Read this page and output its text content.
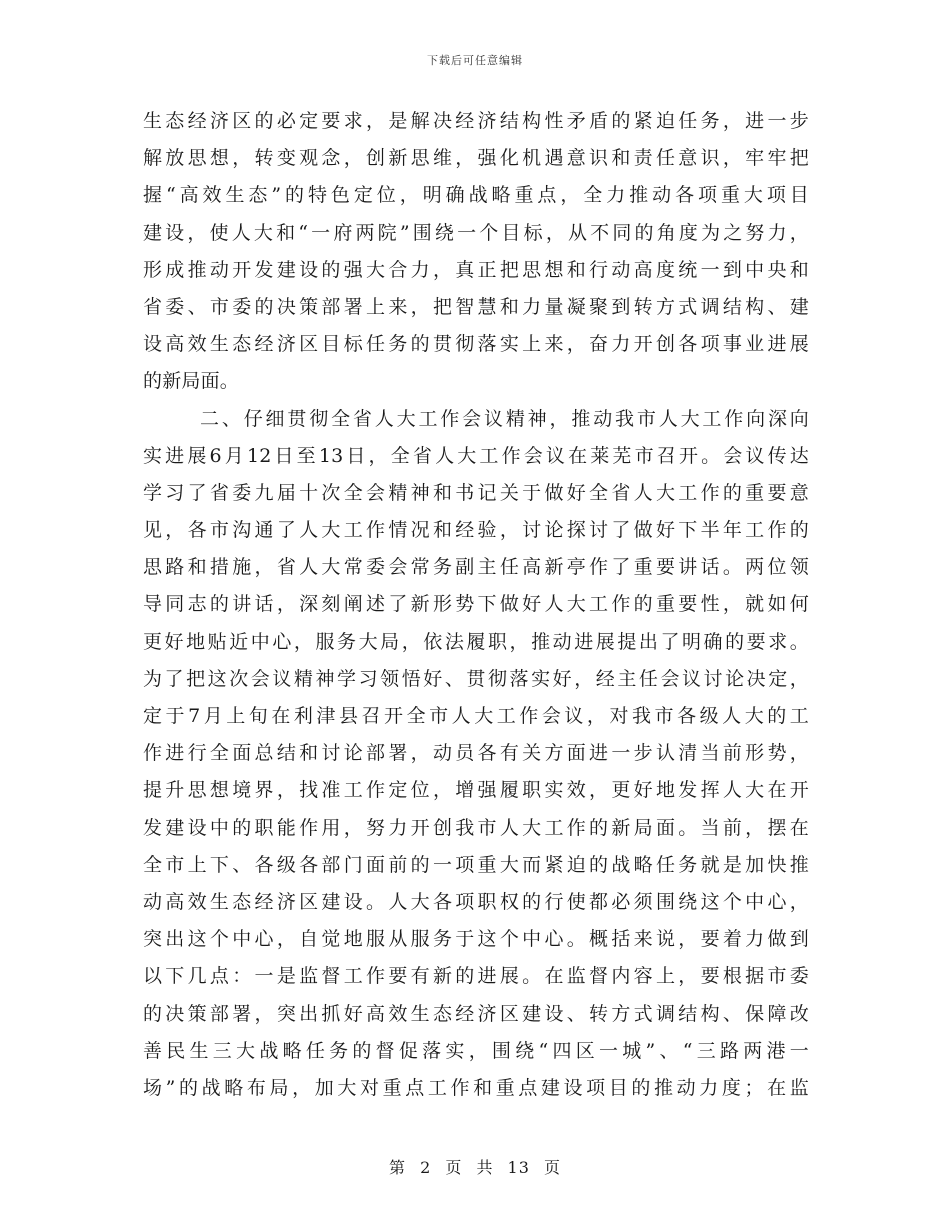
下载后可任意编辑
生态经济区的必定要求，是解决经济结构性矛盾的紧迫任务，进一步
解放思想，转变观念，创新思维，强化机遇意识和责任意识，牢牢把
握“高效生态”的特色定位，明确战略重点，全力推动各项重大项目
建设，使人大和“一府两院”围绕一个目标，从不同的角度为之努力，
形成推动开发建设的强大合力，真正把思想和行动高度统一到中央和
省委、市委的决策部署上来，把智慧和力量凝聚到转方式调结构、建
设高效生态经济区目标任务的贯彻落实上来，奋力开创各项事业进展
的新局面。
二、仔细贯彻全省人大工作会议精神，推动我市人大工作向深向
实进展6月12日至13日，全省人大工作会议在莱芜市召开。会议传达
学习了省委九届十次全会精神和书记关于做好全省人大工作的重要意
见，各市沟通了人大工作情况和经验，讨论探讨了做好下半年工作的
思路和措施，省人大常委会常务副主任高新亭作了重要讲话。两位领
导同志的讲话，深刻阐述了新形势下做好人大工作的重要性，就如何
更好地贴近中心，服务大局，依法履职，推动进展提出了明确的要求。
为了把这次会议精神学习领悟好、贯彻落实好，经主任会议讨论决定，
定于7月上旬在利津县召开全市人大工作会议，对我市各级人大的工
作进行全面总结和讨论部署，动员各有关方面进一步认清当前形势，
提升思想境界，找准工作定位，增强履职实效，更好地发挥人大在开
发建设中的职能作用，努力开创我市人大工作的新局面。当前，摆在
全市上下、各级各部门面前的一项重大而紧迫的战略任务就是加快推
动高效生态经济区建设。人大各项职权的行使都必须围绕这个中心，
突出这个中心，自觉地服从服务于这个中心。概括来说，要着力做到
以下几点：一是监督工作要有新的进展。在监督内容上，要根据市委
的决策部署，突出抓好高效生态经济区建设、转方式调结构、保障改
善民生三大战略任务的督促落实，围绕“四区一城”、“三路两港一
场”的战略布局，加大对重点工作和重点建设项目的推动力度；在监
第 2 页 共 13 页
